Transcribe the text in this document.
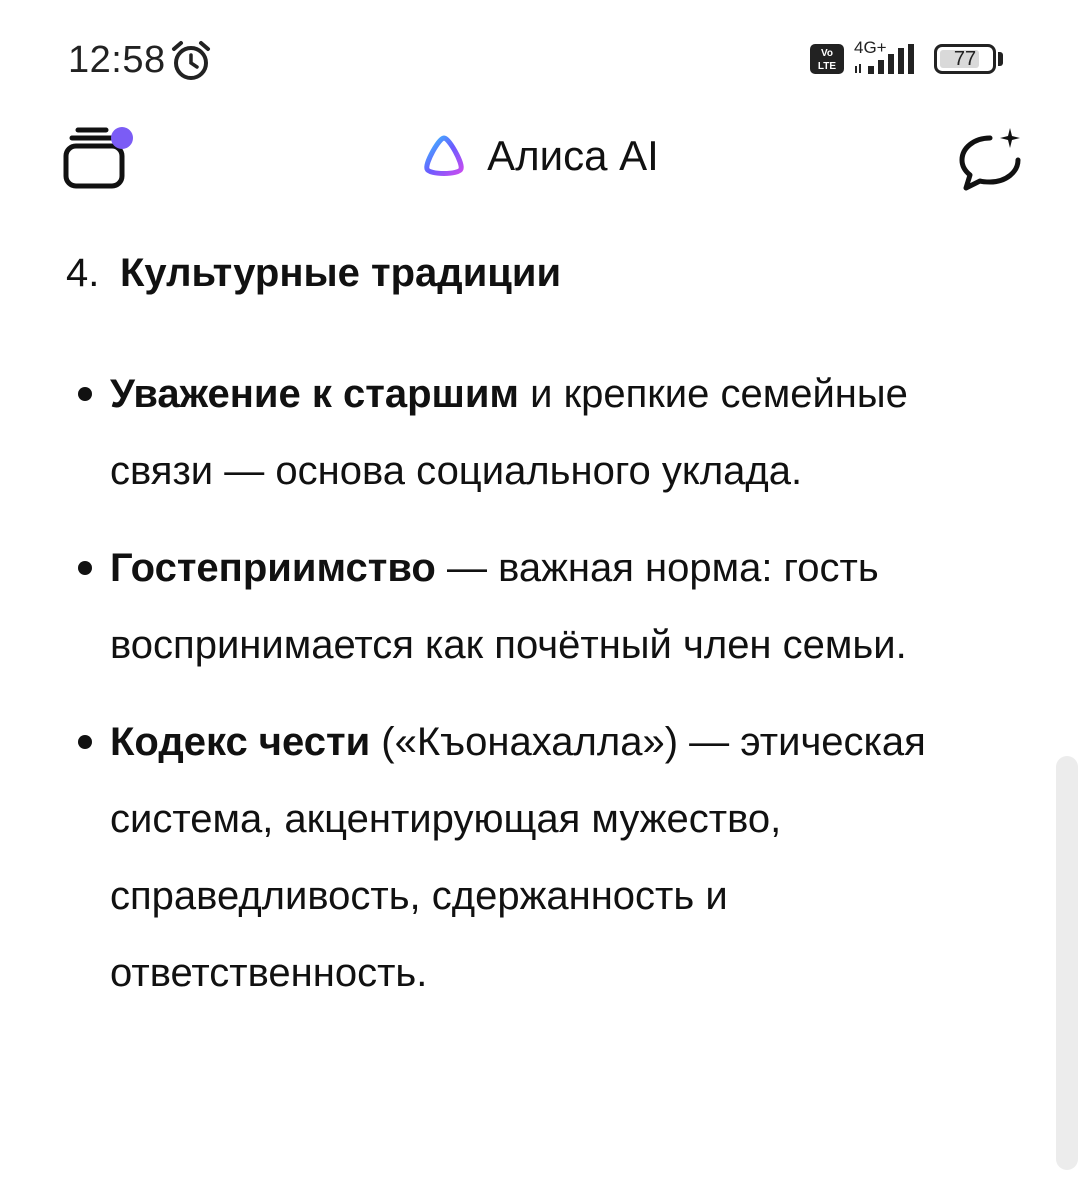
12:58	Vo
LTE
4G+
77
Алиса AI
4. Культурные традиции
Уважение к старшим и крепкие семейные связи — основа социального уклада.
Гостеприимство — важная норма: гость воспринимается как почётный член семьи.
Кодекс чести («Къонахалла») — этическая система, акцентирующая мужество, справедливость, сдержанность и ответственность.
